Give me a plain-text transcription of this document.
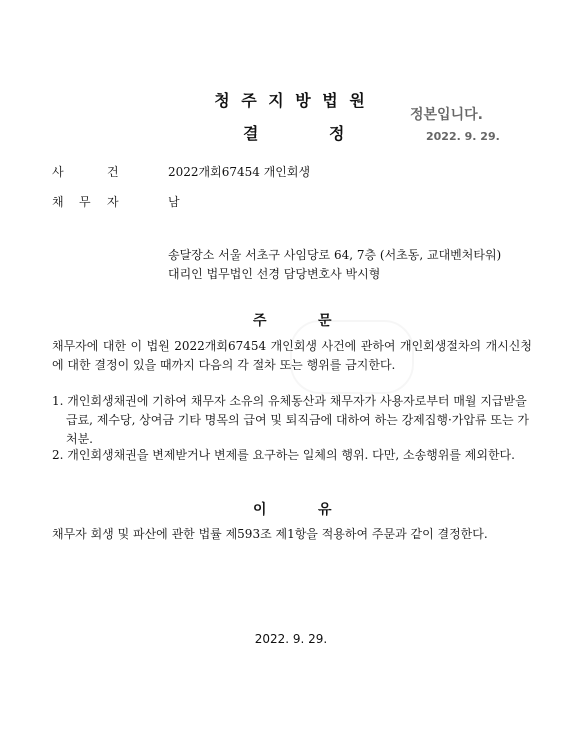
청 주 지 방 법 원
결	정
정본입니다.
2022. 9. 29.
사	건	2022개회67454 개인회생
채 무 자	남
송달장소 서울 서초구 사임당로 64, 7층 (서초동, 교대벤처타워)
대리인 법무법인 선경 담당변호사 박시형
주	문
채무자에 대한 이 법원 2022개회67454 개인회생 사건에 관하여 개인회생절차의 개시신청에 대한 결정이 있을 때까지 다음의 각 절차 또는 행위를 금지한다.
1. 개인회생채권에 기하여 채무자 소유의 유체동산과 채무자가 사용자로부터 매월 지급받을 급료, 제수당, 상여금 기타 명목의 급여 및 퇴직금에 대하여 하는 강제집행·가압류 또는 가처분.
2. 개인회생채권을 변제받거나 변제를 요구하는 일체의 행위. 다만, 소송행위를 제외한다.
이	유
채무자 회생 및 파산에 관한 법률 제593조 제1항을 적용하여 주문과 같이 결정한다.
2022. 9. 29.
